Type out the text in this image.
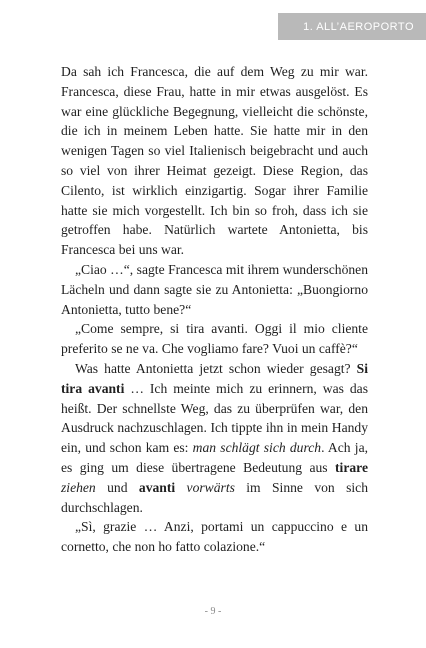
1. ALL’AEROPORTO

Da sah ich Francesca, die auf dem Weg zu mir war. Francesca, diese Frau, hatte in mir etwas ausgelöst. Es war eine glückliche Begegnung, vielleicht die schönste, die ich in meinem Leben hatte. Sie hatte mir in den wenigen Tagen so viel Italienisch beigebracht und auch so viel von ihrer Heimat gezeigt. Diese Region, das Cilento, ist wirklich einzigartig. Sogar ihrer Familie hatte sie mich vorgestellt. Ich bin so froh, dass ich sie getroffen habe. Natürlich wartete Antonietta, bis Francesca bei uns war.

„Ciao …“, sagte Francesca mit ihrem wunderschönen Lächeln und dann sagte sie zu Antonietta: „Buongiorno Antonietta, tutto bene?“

„Come sempre, si tira avanti. Oggi il mio cliente preferito se ne va. Che vogliamo fare? Vuoi un caffè?“

Was hatte Antonietta jetzt schon wieder gesagt? Si tira avanti … Ich meinte mich zu erinnern, was das heißt. Der schnellste Weg, das zu überprüfen war, den Ausdruck nachzuschlagen. Ich tippte ihn in mein Handy ein, und schon kam es: man schlägt sich durch. Ach ja, es ging um diese übertragene Bedeutung aus tirare ziehen und avanti vorwärts im Sinne von sich durchschlagen.

„Sì, grazie … Anzi, portami un cappuccino e un cornetto, che non ho fatto colazione.“

- 9 -
